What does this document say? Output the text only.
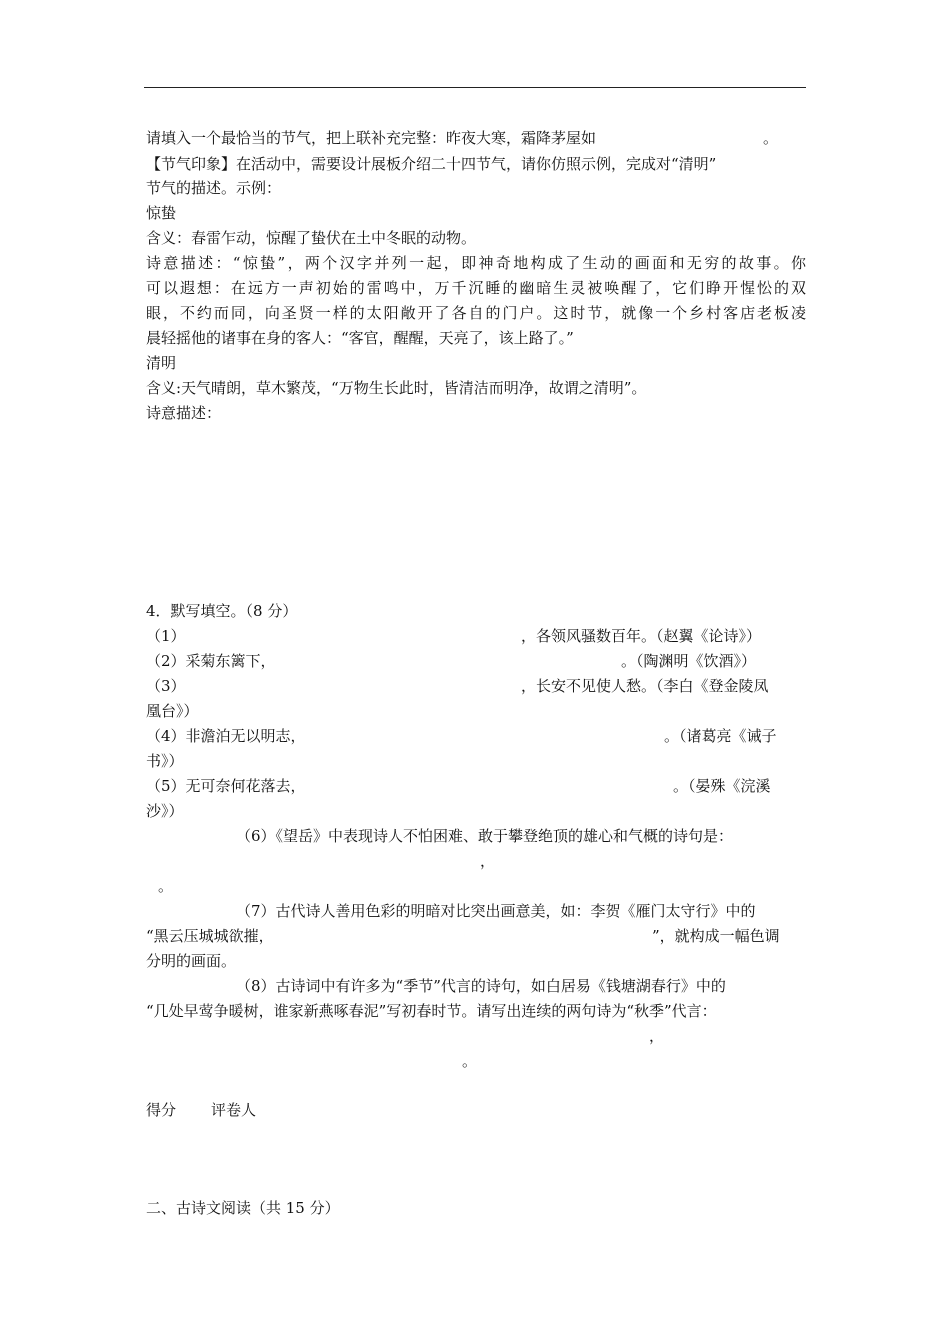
请填入一个最恰当的节气，把上联补充完整：昨夜大寒，霜降茅屋如	。
【节气印象】在活动中，需要设计展板介绍二十四节气，请你仿照示例，完成对“清明”
节气的描述。示例：
惊蛰
含义：春雷乍动，惊醒了蛰伏在土中冬眠的动物。
诗意描述：“惊蛰”，两个汉字并列一起，即神奇地构成了生动的画面和无穷的故事。你
可以遐想：在远方一声初始的雷鸣中，万千沉睡的幽暗生灵被唤醒了，它们睁开惺忪的双
眼，不约而同，向圣贤一样的太阳敞开了各自的门户。这时节，就像一个乡村客店老板凌
晨轻摇他的诸事在身的客人：“客官，醒醒，天亮了，该上路了。”
清明
含义:天气晴朗，草木繁茂，“万物生长此时，皆清洁而明净，故谓之清明”。
诗意描述：
4．默写填空。（8 分）
（1）	，各领风骚数百年。（赵翼《论诗》）
（2）采菊东篱下，	。（陶渊明《饮酒》）
（3）	，长安不见使人愁。（李白《登金陵凤
凰台》）
（4）非澹泊无以明志，	。（诸葛亮《诫子
书》）
（5）无可奈何花落去，	。（晏殊《浣溪
沙》）
（6）《望岳》中表现诗人不怕困难、敢于攀登绝顶的雄心和气概的诗句是：
，
。
（7）古代诗人善用色彩的明暗对比突出画意美，如：李贺《雁门太守行》中的
“黑云压城城欲摧，	”，就构成一幅色调
分明的画面。
（8）古诗词中有许多为“季节”代言的诗句，如白居易《钱塘湖春行》中的
“几处早莺争暖树，谁家新燕啄春泥”写初春时节。请写出连续的两句诗为“秋季”代言：
，
。
得分 评卷人
二、古诗文阅读（共 15 分）
